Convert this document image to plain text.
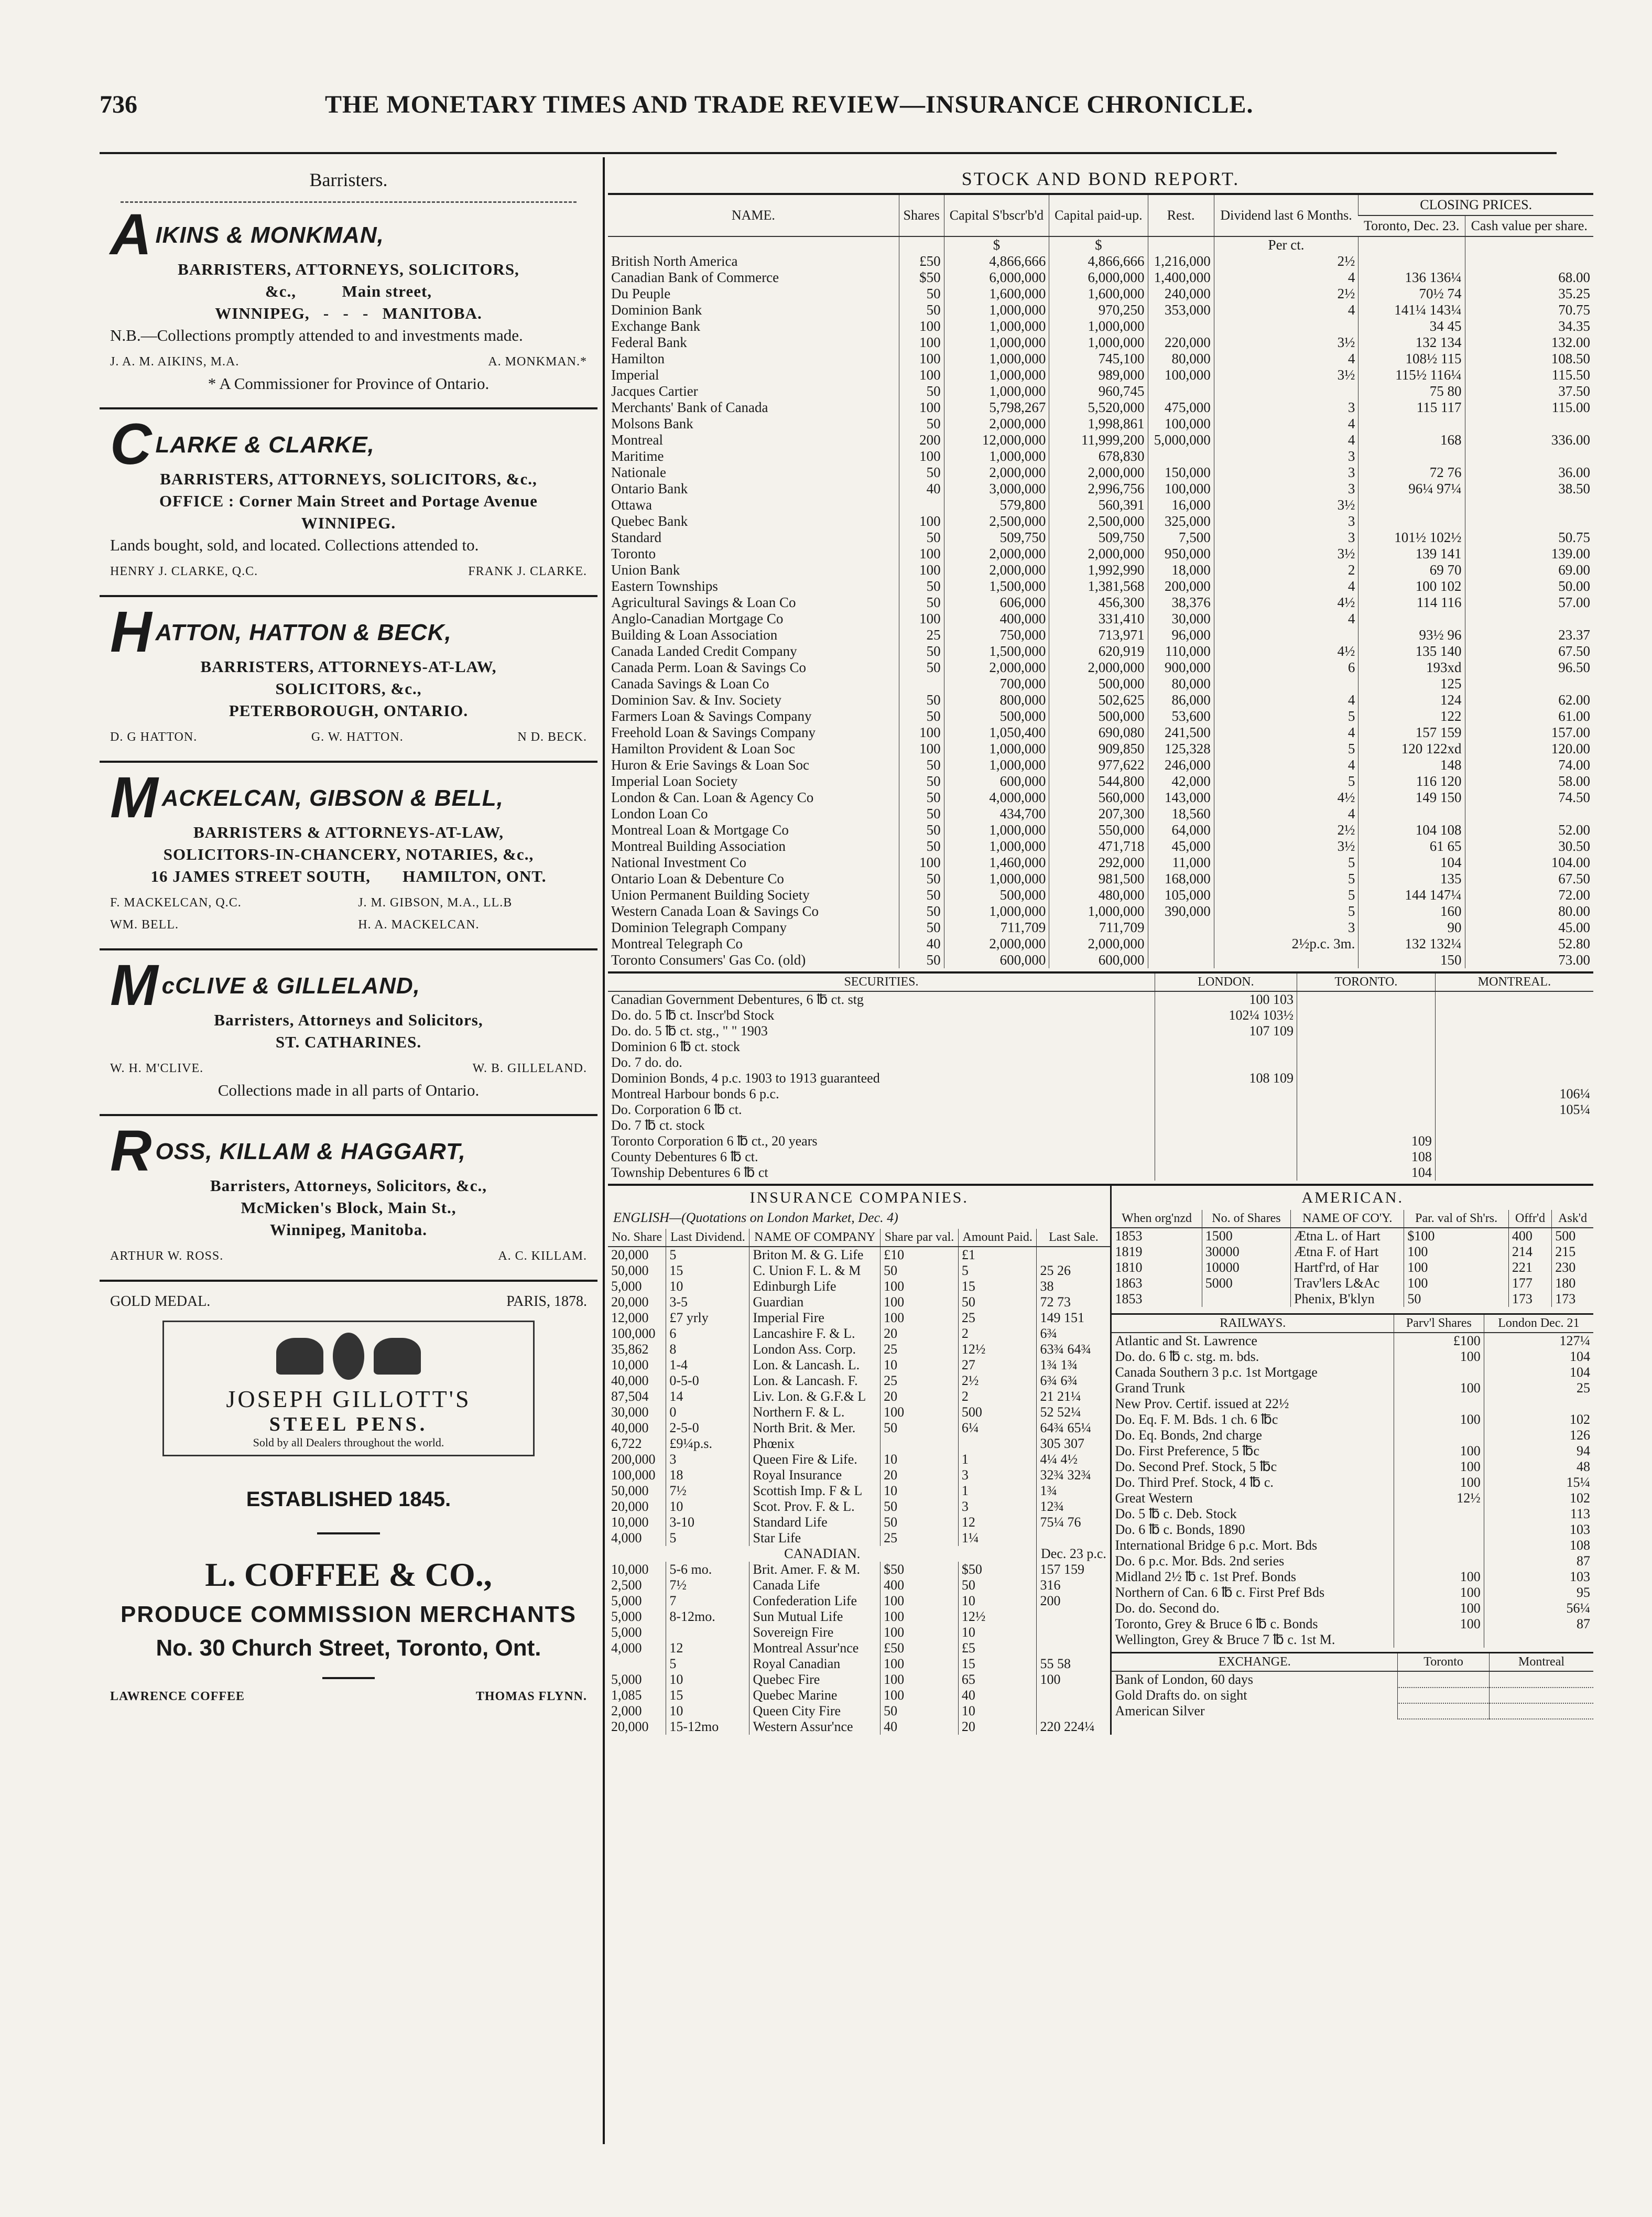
736	THE MONETARY TIMES AND TRADE REVIEW—INSURANCE CHRONICLE.
Barristers.
AIKINS & MONKMAN,
BARRISTERS, ATTORNEYS, SOLICITORS,
&c.,          Main street,
WINNIPEG,   -   -   -   MANITOBA.
N.B.—Collections promptly attended to and investments made.
J. A. M. AIKINS, M.A.	A. MONKMAN.*
* A Commissioner for Province of Ontario.
CLARKE & CLARKE,
BARRISTERS, ATTORNEYS, SOLICITORS, &c.,
OFFICE : Corner Main Street and Portage Avenue
WINNIPEG.
Lands bought, sold, and located. Collections attended to.
HENRY J. CLARKE, Q.C.	FRANK J. CLARKE.
HATTON, HATTON & BECK,
BARRISTERS, ATTORNEYS-AT-LAW,
SOLICITORS, &c.,
PETERBOROUGH, ONTARIO.
D. G HATTON.	G. W. HATTON.	N D. BECK.
MACKELCAN, GIBSON & BELL,
BARRISTERS & ATTORNEYS-AT-LAW,
SOLICITORS-IN-CHANCERY, NOTARIES, &c.,
16 JAMES STREET SOUTH,       HAMILTON, ONT.
F. MACKELCAN, Q.C.	J. M. GIBSON, M.A., LL.B
WM. BELL.	H. A. MACKELCAN.
McCLIVE & GILLELAND,
Barristers, Attorneys and Solicitors,
ST. CATHARINES.
W. H. M'CLIVE.	W. B. GILLELAND.
Collections made in all parts of Ontario.
ROSS, KILLAM & HAGGART,
Barristers, Attorneys, Solicitors, &c.,
McMicken's Block, Main St.,
Winnipeg, Manitoba.
ARTHUR W. ROSS.	A. C. KILLAM.
GOLD MEDAL.	PARIS, 1878.
JOSEPH GILLOTT'S
STEEL PENS.
Sold by all Dealers throughout the world.
ESTABLISHED 1845.
L. COFFEE & CO.,
PRODUCE COMMISSION MERCHANTS
No. 30 Church Street, Toronto, Ont.
LAWRENCE COFFEE	THOMAS FLYNN.
STOCK AND BOND REPORT.
NAME.	Shares	Capital S'bscr'b'd	Capital paid-up.	Rest.	Dividend last 6 Months.	CLOSING PRICES.	
						Toronto, Dec. 23.	Cash value per share.
		$	$		Per ct.		
British North America	£50	4,866,666	4,866,666	1,216,000	2½		
Canadian Bank of Commerce	$50	6,000,000	6,000,000	1,400,000	4	136 136¼	68.00
Du Peuple	50	1,600,000	1,600,000	240,000	2½	70½ 74	35.25
Dominion Bank	50	1,000,000	970,250	353,000	4	141¼ 143¼	70.75
Exchange Bank	100	1,000,000	1,000,000			34 45	34.35
Federal Bank	100	1,000,000	1,000,000	220,000	3½	132 134	132.00
Hamilton	100	1,000,000	745,100	80,000	4	108½ 115	108.50
Imperial	100	1,000,000	989,000	100,000	3½	115½ 116¼	115.50
Jacques Cartier	50	1,000,000	960,745			75 80	37.50
Merchants' Bank of Canada	100	5,798,267	5,520,000	475,000	3	115 117	115.00
Molsons Bank	50	2,000,000	1,998,861	100,000	4		
Montreal	200	12,000,000	11,999,200	5,000,000	4	168	336.00
Maritime	100	1,000,000	678,830		3		
Nationale	50	2,000,000	2,000,000	150,000	3	72 76	36.00
Ontario Bank	40	3,000,000	2,996,756	100,000	3	96¼ 97¼	38.50
Ottawa		579,800	560,391	16,000	3½		
Quebec Bank	100	2,500,000	2,500,000	325,000	3		
Standard	50	509,750	509,750	7,500	3	101½ 102½	50.75
Toronto	100	2,000,000	2,000,000	950,000	3½	139 141	139.00
Union Bank	100	2,000,000	1,992,990	18,000	2	69 70	69.00
Eastern Townships	50	1,500,000	1,381,568	200,000	4	100 102	50.00
Agricultural Savings & Loan Co	50	606,000	456,300	38,376	4½	114 116	57.00
Anglo-Canadian Mortgage Co	100	400,000	331,410	30,000	4		
Building & Loan Association	25	750,000	713,971	96,000		93½ 96	23.37
Canada Landed Credit Company	50	1,500,000	620,919	110,000	4½	135 140	67.50
Canada Perm. Loan & Savings Co	50	2,000,000	2,000,000	900,000	6	193xd	96.50
Canada Savings & Loan Co		700,000	500,000	80,000		125	
Dominion Sav. & Inv. Society	50	800,000	502,625	86,000	4	124	62.00
Farmers Loan & Savings Company	50	500,000	500,000	53,600	5	122	61.00
Freehold Loan & Savings Company	100	1,050,400	690,080	241,500	4	157 159	157.00
Hamilton Provident & Loan Soc	100	1,000,000	909,850	125,328	5	120 122xd	120.00
Huron & Erie Savings & Loan Soc	50	1,000,000	977,622	246,000	4	148	74.00
Imperial Loan Society	50	600,000	544,800	42,000	5	116 120	58.00
London & Can. Loan & Agency Co	50	4,000,000	560,000	143,000	4½	149 150	74.50
London Loan Co	50	434,700	207,300	18,560	4		
Montreal Loan & Mortgage Co	50	1,000,000	550,000	64,000	2½	104 108	52.00
Montreal Building Association	50	1,000,000	471,718	45,000	3½	61 65	30.50
National Investment Co	100	1,460,000	292,000	11,000	5	104	104.00
Ontario Loan & Debenture Co	50	1,000,000	981,500	168,000	5	135	67.50
Union Permanent Building Society	50	500,000	480,000	105,000	5	144 147¼	72.00
Western Canada Loan & Savings Co	50	1,000,000	1,000,000	390,000	5	160	80.00
Dominion Telegraph Company	50	711,709	711,709		3	90	45.00
Montreal Telegraph Co	40	2,000,000	2,000,000		2½p.c. 3m.	132 132¼	52.80
Toronto Consumers' Gas Co. (old)	50	600,000	600,000			150	73.00
SECURITIES.	LONDON.	TORONTO.	MONTREAL.
Canadian Government Debentures, 6 ℔ ct. stg	100 103		
Do. do. 5 ℔ ct. Inscr'bd Stock	102¼ 103½		
Do. do. 5 ℔ ct. stg., " " 1903	107 109		
Dominion 6 ℔ ct. stock			
Do. 7 do. do.			
Dominion Bonds, 4 p.c. 1903 to 1913 guaranteed	108 109		
Montreal Harbour bonds 6 p.c.			106¼
Do. Corporation 6 ℔ ct.			105¼
Do. 7 ℔ ct. stock			
Toronto Corporation 6 ℔ ct., 20 years		109	
County Debentures 6 ℔ ct.		108	
Township Debentures 6 ℔ ct		104	
INSURANCE COMPANIES.
ENGLISH—(Quotations on London Market, Dec. 4)
No. Share	Last Dividend.	NAME OF COMPANY	Share par val.	Amount Paid.	Last Sale.
20,000	5	Briton M. & G. Life	£10	£1	
50,000	15	C. Union F. L. & M	50	5	25 26
5,000	10	Edinburgh Life	100	15	38
20,000	3-5	Guardian	100	50	72 73
12,000	£7 yrly	Imperial Fire	100	25	149 151
100,000	6	Lancashire F. & L.	20	2	6¾
35,862	8	London Ass. Corp.	25	12½	63¾ 64¾
10,000	1-4	Lon. & Lancash. L.	10	27	1¾ 1¾
40,000	0-5-0	Lon. & Lancash. F.	25	2½	6¾ 6¾
87,504	14	Liv. Lon. & G.F.& L	20	2	21 21¼
30,000	0	Northern F. & L.	100	500	52 52¼
40,000	2-5-0	North Brit. & Mer.	50	6¼	64¾ 65¼
6,722	£9¼p.s.	Phœnix			305 307
200,000	3	Queen Fire & Life.	10	1	4¼ 4½
100,000	18	Royal Insurance	20	3	32¾ 32¾
50,000	7½	Scottish Imp. F & L	10	1	1¾
20,000	10	Scot. Prov. F. & L.	50	3	12¾
10,000	3-10	Standard Life	50	12	75¼ 76
4,000	5	Star Life	25	1¼	
CANADIAN.					Dec. 23 p.c.
10,000	5-6 mo.	Brit. Amer. F. & M.	$50	$50	157 159
2,500	7½	Canada Life	400	50	316
5,000	7	Confederation Life	100	10	200
5,000	8-12mo.	Sun Mutual Life	100	12½	
5,000		Sovereign Fire	100	10	
4,000	12	Montreal Assur'nce	£50	£5	
	5	Royal Canadian	100	15	55 58
5,000	10	Quebec Fire	100	65	100
1,085	15	Quebec Marine	100	40	
2,000	10	Queen City Fire	50	10	
20,000	15-12mo	Western Assur'nce	40	20	220 224¼
AMERICAN.
When org'nzd	No. of Shares	NAME OF CO'Y.	Par. val of Sh'rs.	Offr'd	Ask'd
1853	1500	Ætna L. of Hart	$100	400	500
1819	30000	Ætna F. of Hart	100	214	215
1810	10000	Hartf'rd, of Har	100	221	230
1863	5000	Trav'lers L&Ac	100	177	180
1853		Phenix, B'klyn	50	173	173
RAILWAYS.	Parv'l Shares	London Dec. 21
Atlantic and St. Lawrence	£100	127¼
Do. do. 6 ℔ c. stg. m. bds.	100	104
Canada Southern 3 p.c. 1st Mortgage		104
Grand Trunk	100	25
New Prov. Certif. issued at 22½		
Do. Eq. F. M. Bds. 1 ch. 6 ℔c	100	102
Do. Eq. Bonds, 2nd charge		126
Do. First Preference, 5 ℔c	100	94
Do. Second Pref. Stock, 5 ℔c	100	48
Do. Third Pref. Stock, 4 ℔ c.	100	15¼
Great Western	12½	102
Do. 5 ℔ c. Deb. Stock		113
Do. 6 ℔ c. Bonds, 1890		103
International Bridge 6 p.c. Mort. Bds		108
Do. 6 p.c. Mor. Bds. 2nd series		87
Midland 2½ ℔ c. 1st Pref. Bonds	100	103
Northern of Can. 6 ℔ c. First Pref Bds	100	95
Do. do. Second do.	100	56¼
Toronto, Grey & Bruce 6 ℔ c. Bonds	100	87
Wellington, Grey & Bruce 7 ℔ c. 1st M.		
EXCHANGE.	Toronto	Montreal
Bank of London, 60 days		
Gold Drafts do. on sight		
American Silver		
